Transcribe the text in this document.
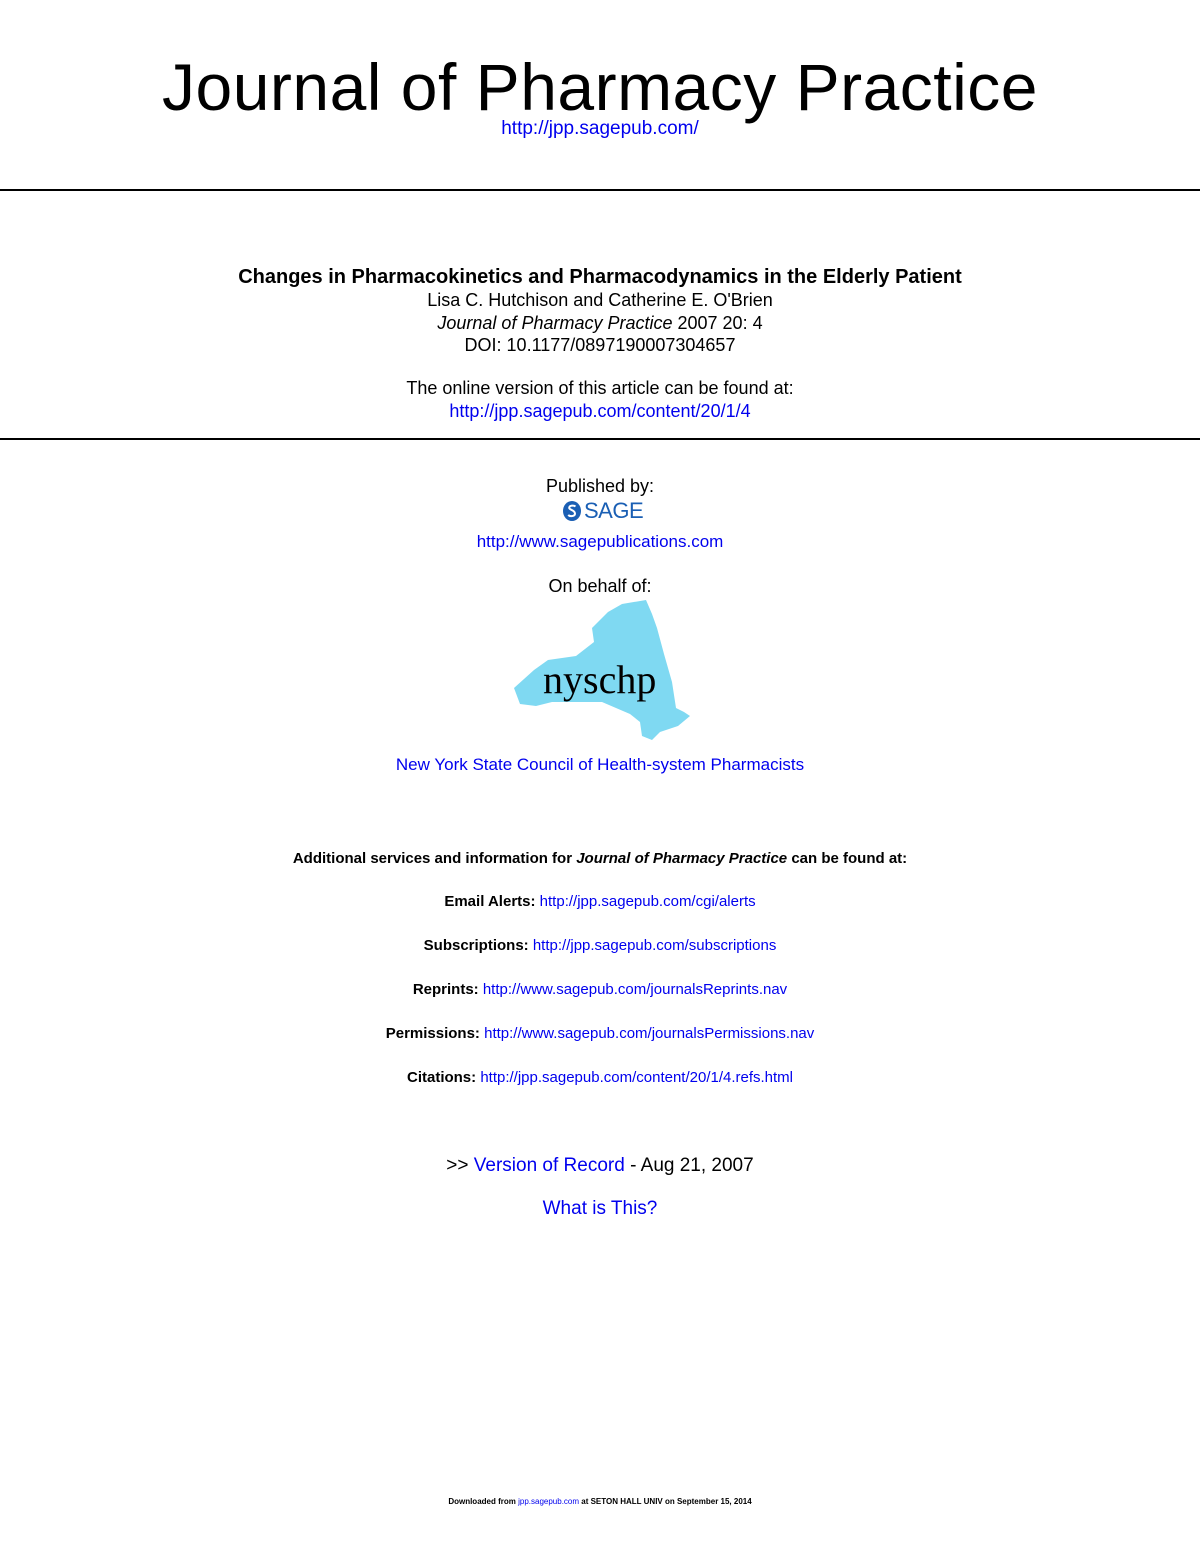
Journal of Pharmacy Practice
http://jpp.sagepub.com/
Changes in Pharmacokinetics and Pharmacodynamics in the Elderly Patient
Lisa C. Hutchison and Catherine E. O'Brien
Journal of Pharmacy Practice 2007 20: 4
DOI: 10.1177/0897190007304657
The online version of this article can be found at:
http://jpp.sagepub.com/content/20/1/4
Published by:
SAGE
http://www.sagepublications.com
On behalf of:
nyschp
New York State Council of Health-system Pharmacists
Additional services and information for Journal of Pharmacy Practice can be found at:
Email Alerts: http://jpp.sagepub.com/cgi/alerts
Subscriptions: http://jpp.sagepub.com/subscriptions
Reprints: http://www.sagepub.com/journalsReprints.nav
Permissions: http://www.sagepub.com/journalsPermissions.nav
Citations: http://jpp.sagepub.com/content/20/1/4.refs.html
>> Version of Record - Aug 21, 2007
What is This?
Downloaded from jpp.sagepub.com at SETON HALL UNIV on September 15, 2014
